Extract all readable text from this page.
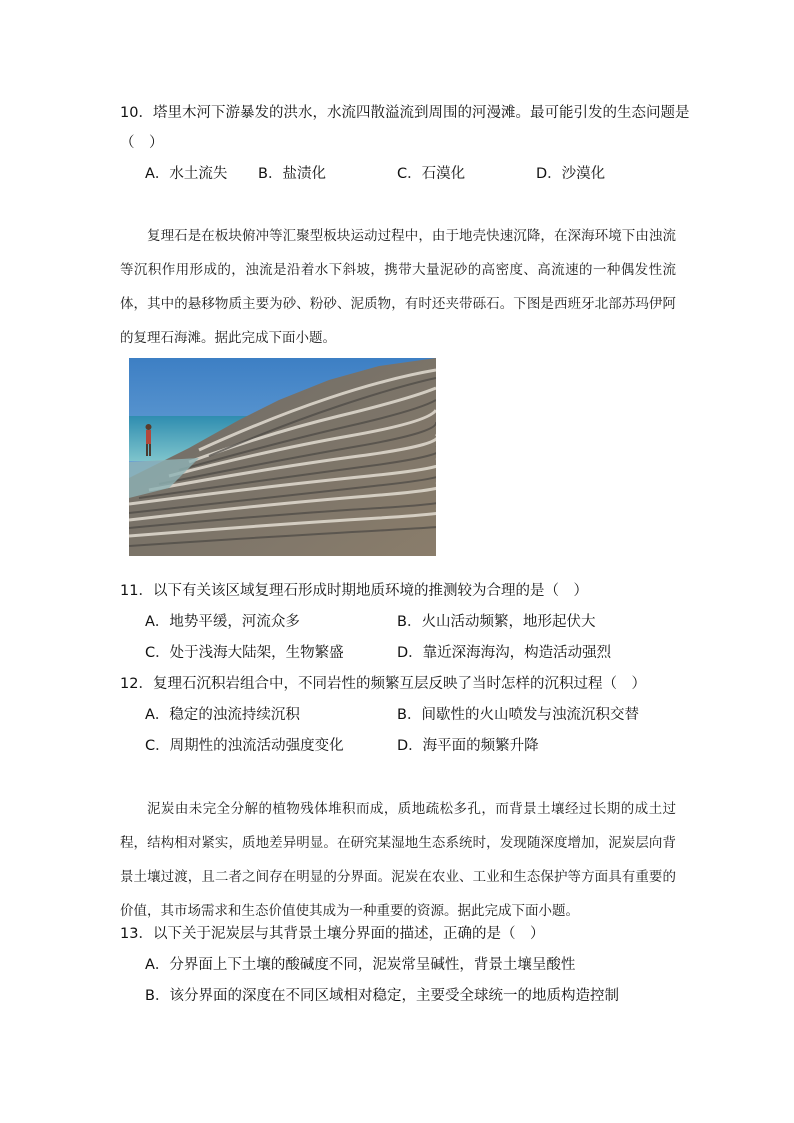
10．塔里木河下游暴发的洪水，水流四散溢流到周围的河漫滩。最可能引发的生态问题是
（　）
A．水土流失 B．盐渍化	C．石漠化	D．沙漠化
复理石是在板块俯冲等汇聚型板块运动过程中，由于地壳快速沉降，在深海环境下由浊流等沉积作用形成的，浊流是沿着水下斜坡，携带大量泥砂的高密度、高流速的一种偶发性流体，其中的悬移物质主要为砂、粉砂、泥质物，有时还夹带砾石。下图是西班牙北部苏玛伊阿的复理石海滩。据此完成下面小题。
11．以下有关该区域复理石形成时期地质环境的推测较为合理的是（　）
A．地势平缓，河流众多	B．火山活动频繁，地形起伏大
C．处于浅海大陆架，生物繁盛	D．靠近深海海沟，构造活动强烈
12．复理石沉积岩组合中，不同岩性的频繁互层反映了当时怎样的沉积过程（　）
A．稳定的浊流持续沉积	B．间歇性的火山喷发与浊流沉积交替
C．周期性的浊流活动强度变化	D．海平面的频繁升降
泥炭由未完全分解的植物残体堆积而成，质地疏松多孔，而背景土壤经过长期的成土过程，结构相对紧实，质地差异明显。在研究某湿地生态系统时，发现随深度增加，泥炭层向背景土壤过渡，且二者之间存在明显的分界面。泥炭在农业、工业和生态保护等方面具有重要的价值，其市场需求和生态价值使其成为一种重要的资源。据此完成下面小题。
13．以下关于泥炭层与其背景土壤分界面的描述，正确的是（　）
A．分界面上下土壤的酸碱度不同，泥炭常呈碱性，背景土壤呈酸性
B．该分界面的深度在不同区域相对稳定，主要受全球统一的地质构造控制
